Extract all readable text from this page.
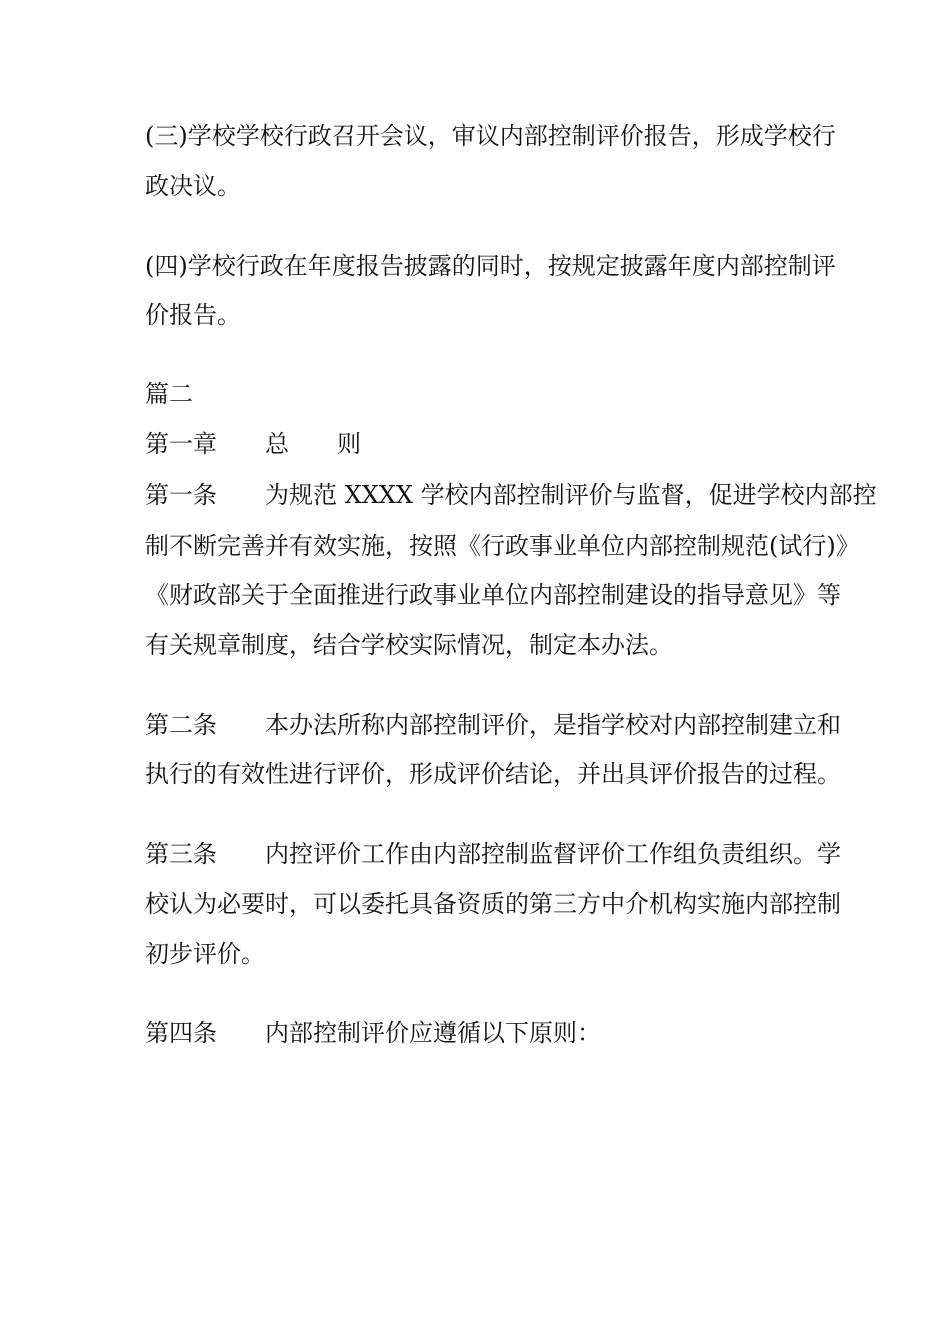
(三)学校学校行政召开会议，审议内部控制评价报告，形成学校行
政决议。
(四)学校行政在年度报告披露的同时，按规定披露年度内部控制评
价报告。
篇二
第一章　　总　　则
第一条　　为规范 XXXX 学校内部控制评价与监督，促进学校内部控
制不断完善并有效实施，按照《行政事业单位内部控制规范(试行)》
《财政部关于全面推进行政事业单位内部控制建设的指导意见》等
有关规章制度，结合学校实际情况，制定本办法。
第二条　　本办法所称内部控制评价，是指学校对内部控制建立和
执行的有效性进行评价，形成评价结论，并出具评价报告的过程。
第三条　　内控评价工作由内部控制监督评价工作组负责组织。学
校认为必要时，可以委托具备资质的第三方中介机构实施内部控制
初步评价。
第四条　　内部控制评价应遵循以下原则：
